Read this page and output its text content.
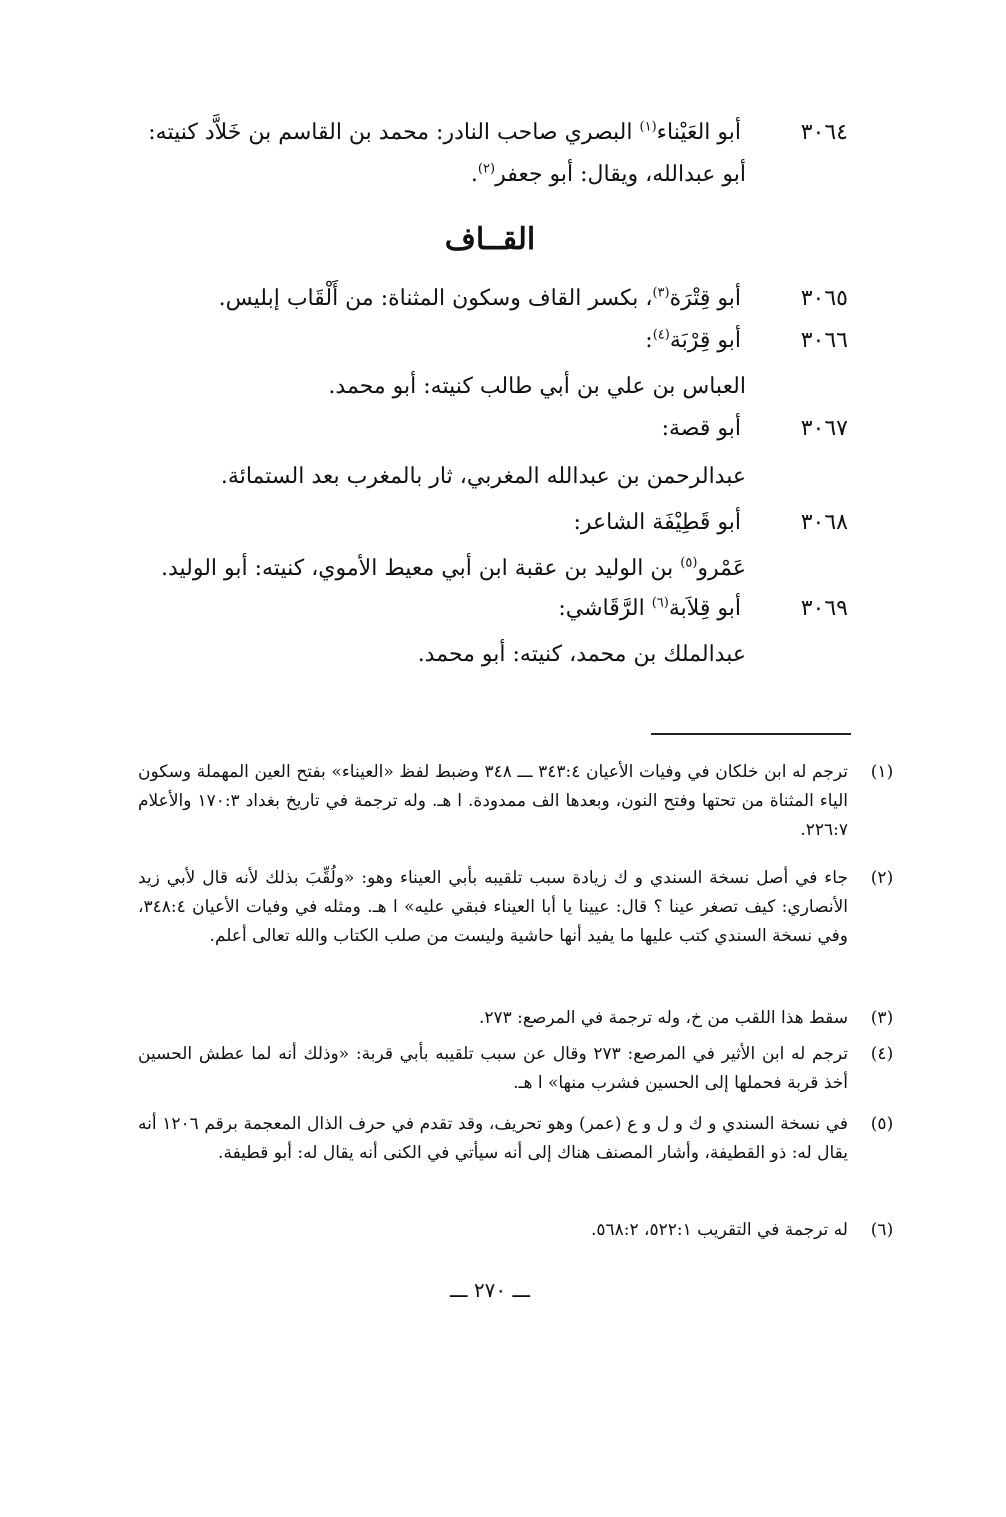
٣٠٦٤ أبو العَيْناء$^{(١)}$ البصري صاحب النادر: محمد بن القاسم بن خَلاَّد كنيته:
أبو عبدالله، ويقال: أبو جعفر$^{(٢)}$.
القــاف
٣٠٦٥ أبو قِتْرَة$^{(٣)}$، بكسر القاف وسكون المثناة: من أَلْقَاب إبليس.
٣٠٦٦ أبو قِرْبَة$^{(٤)}$:
العباس بن علي بن أبي طالب كنيته: أبو محمد.
٣٠٦٧ أبو قصة:
عبدالرحمن بن عبدالله المغربي، ثار بالمغرب بعد الستمائة.
٣٠٦٨ أبو قَطِيْفَة الشاعر:
عَمْرو$^{(٥)}$ بن الوليد بن عقبة ابن أبي معيط الأموي، كنيته: أبو الوليد.
٣٠٦٩ أبو قِلاَبة$^{(٦)}$ الرَّقَاشي:
عبدالملك بن محمد، كنيته: أبو محمد.
(١)
ترجم له ابن خلكان في وفيات الأعيان ٣٤٣:٤ ـــ ٣٤٨ وضبط لفظ «العيناء» بفتح العين المهملة وسكون الياء المثناة من تحتها وفتح النون، وبعدها الف ممدودة. ا هـ. وله ترجمة في تاريخ بغداد ١٧٠:٣ والأعلام ٢٢٦:٧.
(٢)
جاء في أصل نسخة السندي و ك زيادة سبب تلقيبه بأبي العيناء وهو: «ولُقِّبَ بذلك لأنه قال لأبي زيد الأنصاري: كيف تصغر عينا ؟ قال: عيينا يا أبا العيناء فبقي عليه» ا هـ. ومثله في وفيات الأعيان ٣٤٨:٤، وفي نسخة السندي كتب عليها ما يفيد أنها حاشية وليست من صلب الكتاب والله تعالى أعلم.
(٣)
سقط هذا اللقب من خ، وله ترجمة في المرصع: ٢٧٣.
(٤)
ترجم له ابن الأثير في المرصع: ٢٧٣ وقال عن سبب تلقيبه بأبي قربة: «وذلك أنه لما عطش الحسين أخذ قربة فحملها إلى الحسين فشرب منها» ا هـ.
(٥)
في نسخة السندي و ك و ل و ع (عمر) وهو تحريف، وقد تقدم في حرف الذال المعجمة برقم ١٢٠٦ أنه يقال له: ذو القطيفة، وأشار المصنف هناك إلى أنه سيأتي في الكنى أنه يقال له: أبو قطيفة.
(٦)
له ترجمة في التقريب ٥٢٢:١، ٥٦٨:٢.
ـــ ٢٧٠ ـــ
